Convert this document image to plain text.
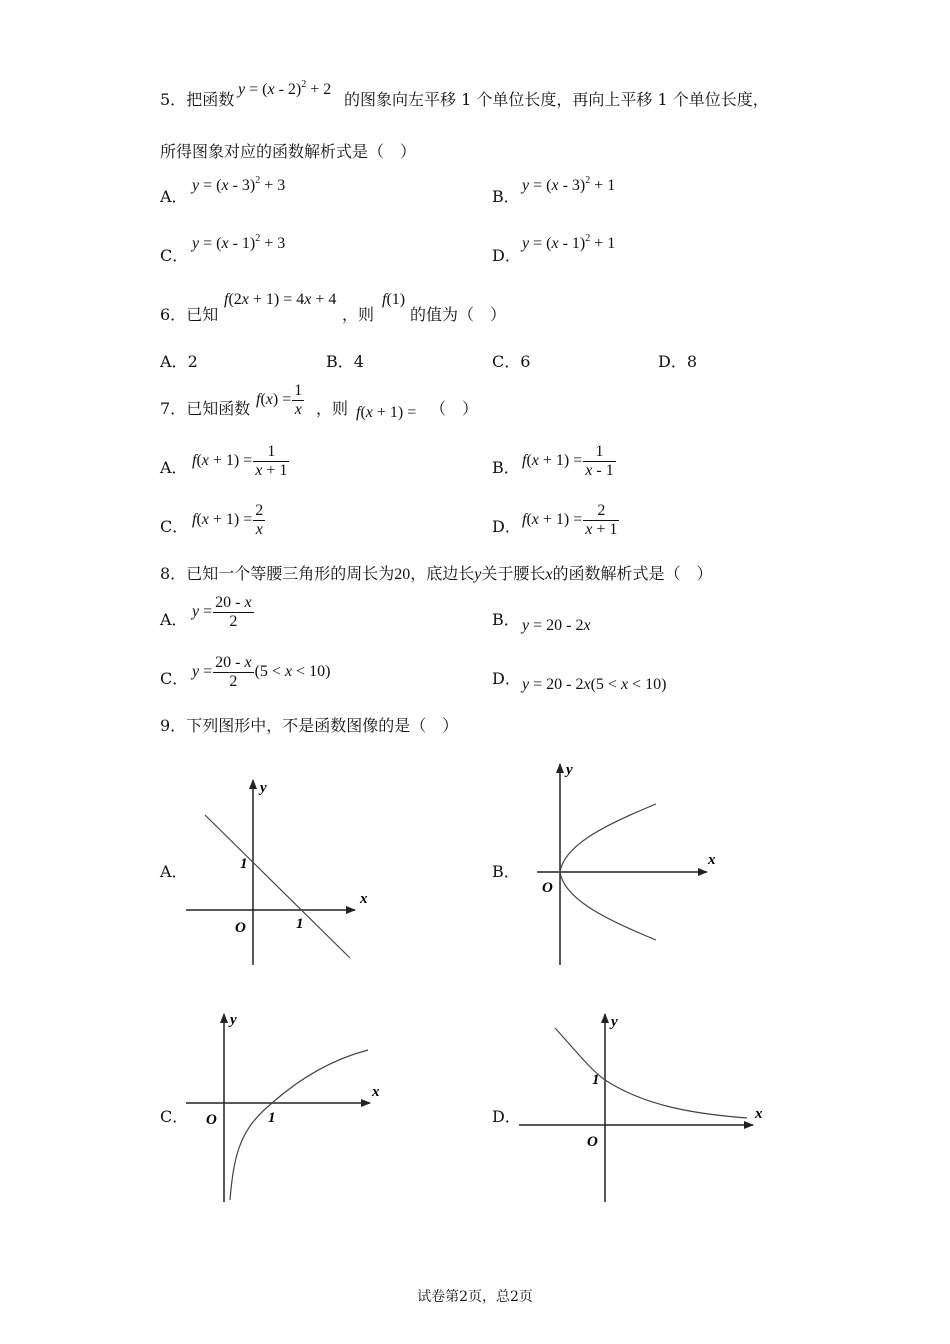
5．把函数
y = (x - 2)$^2$ + 2
的图象向左平移 1 个单位长度，再向上平移 1 个单位长度，
所得图象对应的函数解析式是（　）
A．
y = (x - 3)$^2$ + 3
B．
y = (x - 3)$^2$ + 1
C．
y = (x - 1)$^2$ + 3
D．
y = (x - 1)$^2$ + 1
6．已知
f(2x + 1) = 4x + 4
，则
f(1)
的值为（　）
A．2	B．4	C．6	D．8
7．已知函数 $f(x) = \frac{1}{x}$ ，则 f(x + 1) = （　）
A． $f(x + 1) = \frac{1}{x + 1}$	B． $f(x + 1) = \frac{1}{x - 1}$
C． $f(x + 1) = \frac{2}{x}$	D． $f(x + 1) = \frac{2}{x + 1}$
8．已知一个等腰三角形的周长为20，底边长y关于腰长x的函数解析式是（　）
A． $y = \frac{20 - x}{2}$	B． y = 20 - 2x
C． $y = \frac{20 - x}{2} (5 < x < 10)$	D． y = 20 - 2x(5 < x < 10)
9．下列图形中，不是函数图像的是（　）
A．
y
x
O
1
1
B．
y
x
O
C．
y
x
O	1	D．
y
x
O
1
试卷第2页，总2页
